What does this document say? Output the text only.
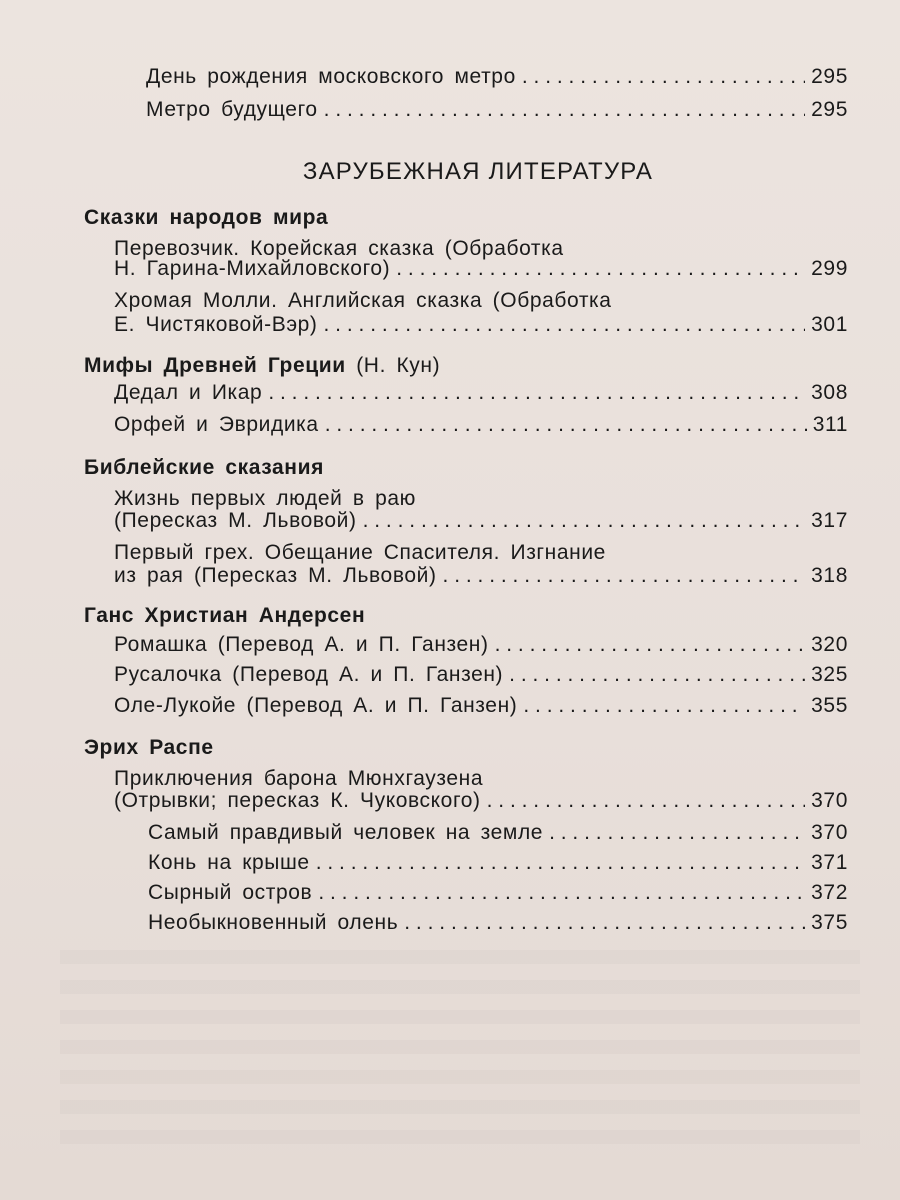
День рождения московского метро . . .	295
Метро будущего . . .	295
ЗАРУБЕЖНАЯ ЛИТЕРАТУРА
Сказки народов мира
Перевозчик. Корейская сказка (Обработка
Н. Гарина-Михайловского) . . .	299
Хромая Молли. Английская сказка (Обработка
Е. Чистяковой-Вэр) . . .	301
Мифы Древней Греции (Н. Кун)
Дедал и Икар . . .	308
Орфей и Эвридика . . .	311
Библейские сказания
Жизнь первых людей в раю
(Пересказ М. Львовой) . . .	317
Первый грех. Обещание Спасителя. Изгнание
из рая (Пересказ М. Львовой) . . .	318
Ганс Христиан Андерсен
Ромашка (Перевод А. и П. Ганзен) . . .	320
Русалочка (Перевод А. и П. Ганзен) . . .	325
Оле-Лукойе (Перевод А. и П. Ганзен) . . .	355
Эрих Распе
Приключения барона Мюнхгаузена
(Отрывки; пересказ К. Чуковского) . . .	370
Самый правдивый человек на земле . . .	370
Конь на крыше . . .	371
Сырный остров . . .	372
Необыкновенный олень . . .	375
